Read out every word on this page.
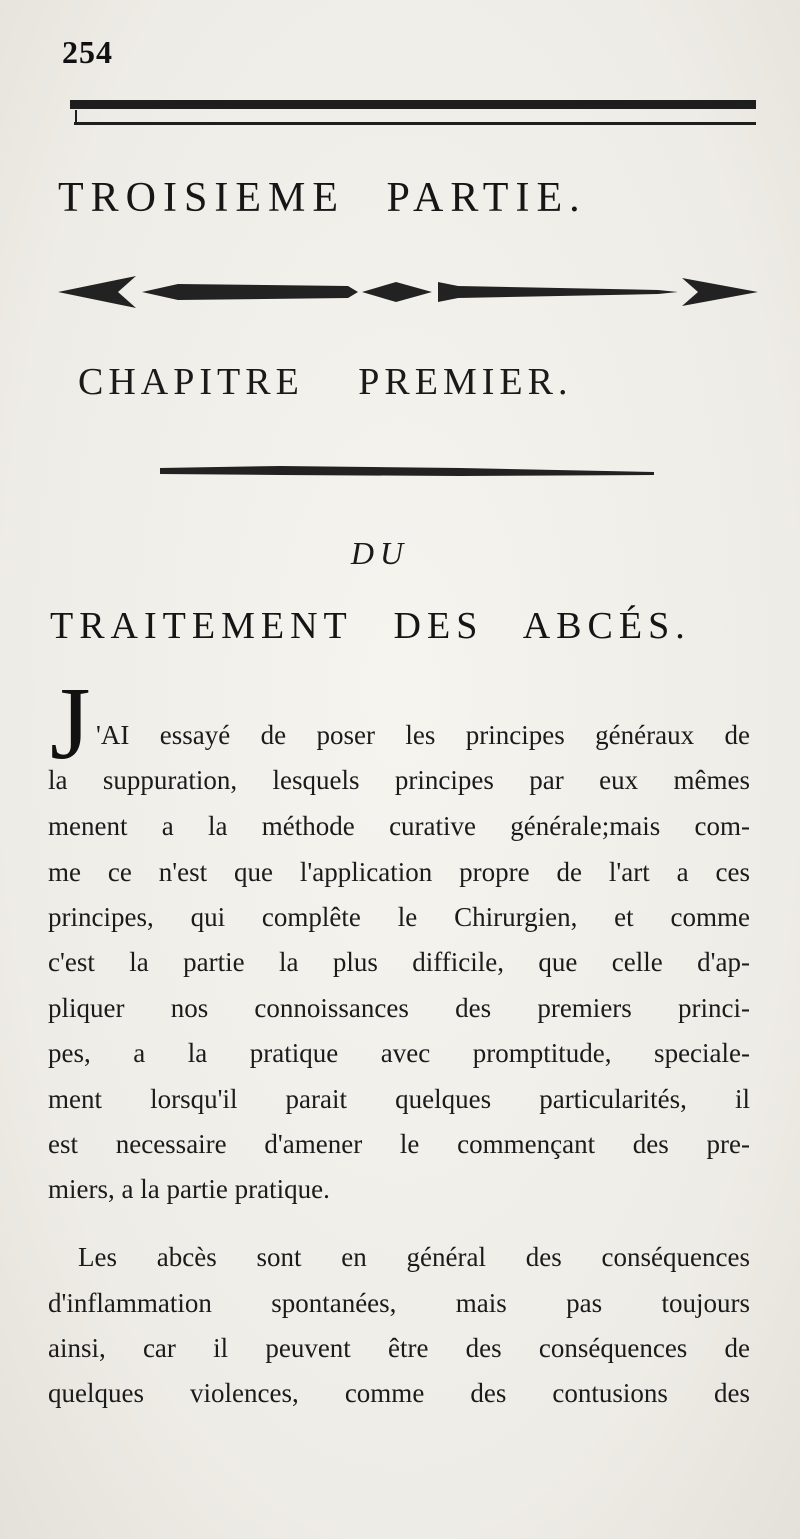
254
TROISIEME PARTIE.
CHAPITRE PREMIER.
DU
TRAITEMENT DES ABCÉS.
J 'AI essayé de poser les principes généraux de
la suppuration, lesquels principes par eux mêmes
menent a la méthode curative générale;mais com-
me ce n'est que l'application propre de l'art a ces
principes, qui complête le Chirurgien, et comme
c'est la partie la plus difficile, que celle d'ap-
pliquer nos connoissances des premiers princi-
pes, a la pratique avec promptitude, speciale-
ment lorsqu'il parait quelques particularités, il
est necessaire d'amener le commençant des pre-
miers, a la partie pratique.
Les abcès sont en général des conséquences
d'inflammation spontanées, mais pas toujours
ainsi, car il peuvent être des conséquences de
quelques violences, comme des contusions des
